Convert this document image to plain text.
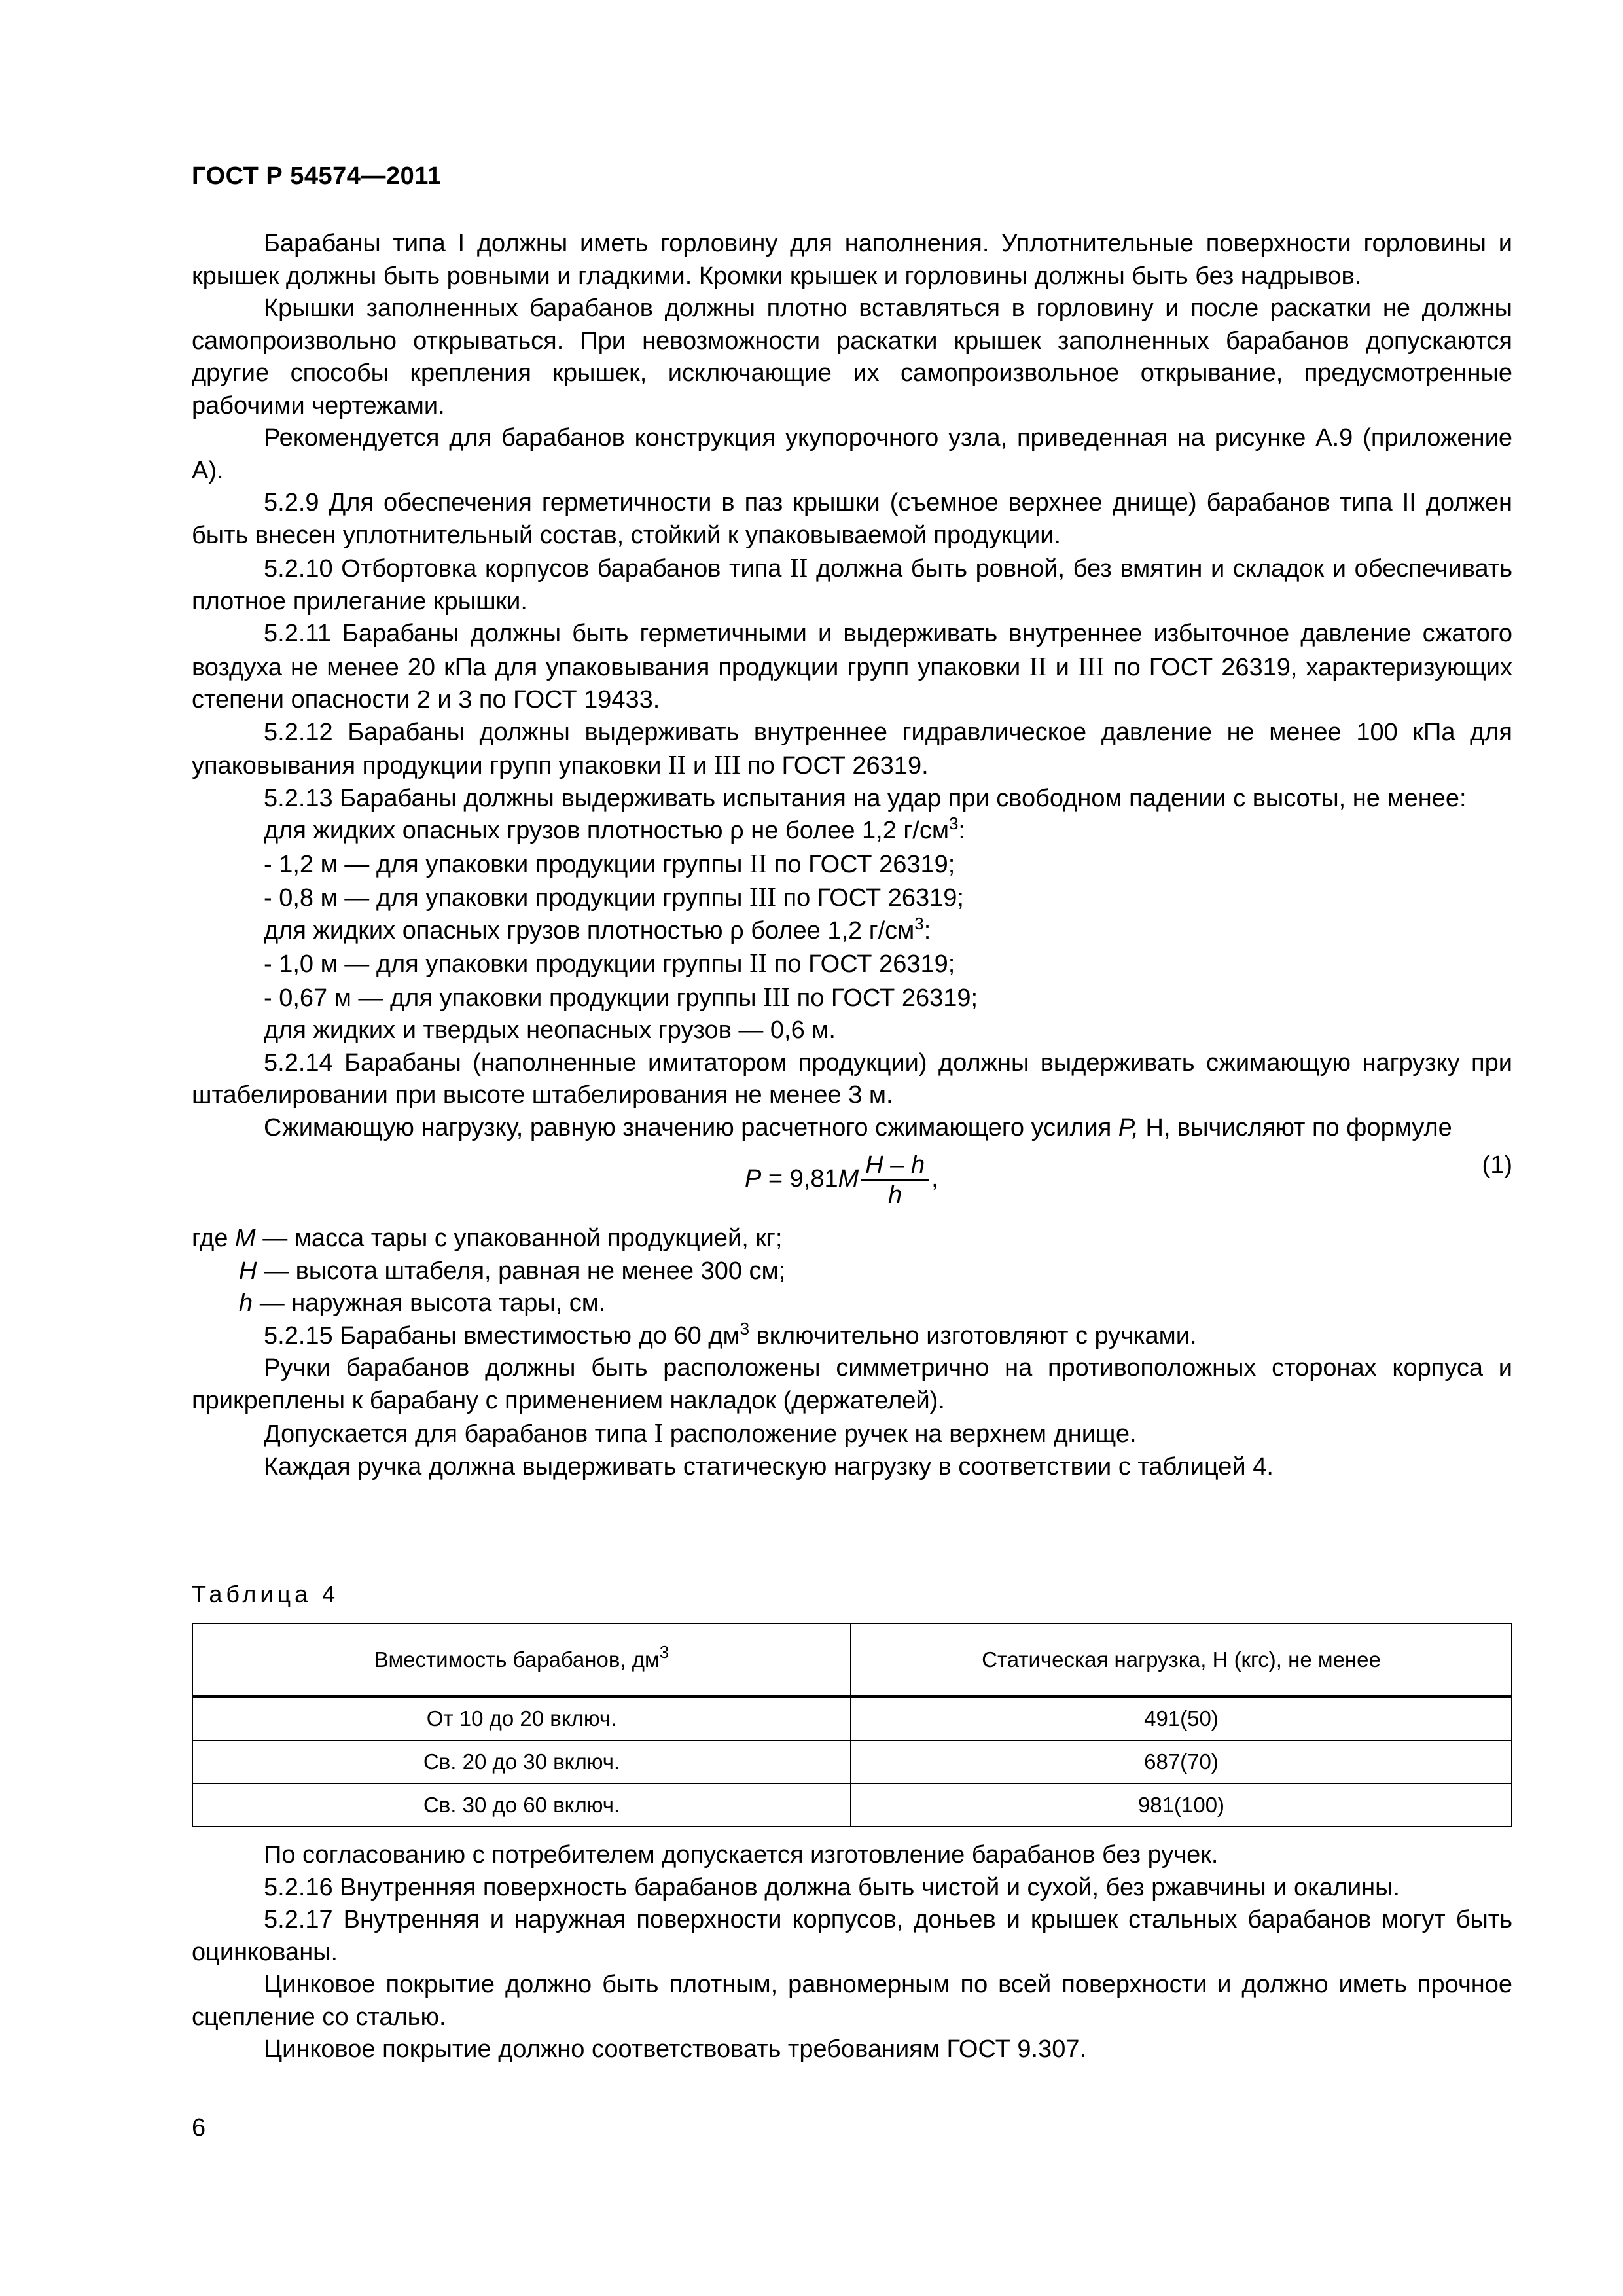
ГОСТ Р 54574—2011

Барабаны типа I должны иметь горловину для наполнения. Уплотнительные поверхности горловины и крышек должны быть ровными и гладкими. Кромки крышек и горловины должны быть без надрывов.

Крышки заполненных барабанов должны плотно вставляться в горловину и после раскатки не должны самопроизвольно открываться. При невозможности раскатки крышек заполненных барабанов допускаются другие способы крепления крышек, исключающие их самопроизвольное открывание, предусмотренные рабочими чертежами.

Рекомендуется для барабанов конструкция укупорочного узла, приведенная на рисунке А.9 (приложение А).

5.2.9 Для обеспечения герметичности в паз крышки (съемное верхнее днище) барабанов типа II должен быть внесен уплотнительный состав, стойкий к упаковываемой продукции.

5.2.10 Отбортовка корпусов барабанов типа II должна быть ровной, без вмятин и складок и обеспечивать плотное прилегание крышки.

5.2.11 Барабаны должны быть герметичными и выдерживать внутреннее избыточное давление сжатого воздуха не менее 20 кПа для упаковывания продукции групп упаковки II и III по ГОСТ 26319, характеризующих степени опасности 2 и 3 по ГОСТ 19433.

5.2.12 Барабаны должны выдерживать внутреннее гидравлическое давление не менее 100 кПа для упаковывания продукции групп упаковки II и III по ГОСТ 26319.

5.2.13 Барабаны должны выдерживать испытания на удар при свободном падении с высоты, не менее:

для жидких опасных грузов плотностью ρ не более 1,2 $г/см^3$:

- 1,2 м — для упаковки продукции группы II по ГОСТ 26319;

- 0,8 м — для упаковки продукции группы III по ГОСТ 26319;

для жидких опасных грузов плотностью ρ более 1,2 $г/см^3$:

- 1,0 м — для упаковки продукции группы II по ГОСТ 26319;

- 0,67 м — для упаковки продукции группы III по ГОСТ 26319;

для жидких и твердых неопасных грузов — 0,6 м.

5.2.14 Барабаны (наполненные имитатором продукции) должны выдерживать сжимающую нагрузку при штабелировании при высоте штабелирования не менее 3 м.

Сжимающую нагрузку, равную значению расчетного сжимающего усилия P, Н, вычисляют по формуле

$P = 9,81M \frac{H - h}{h}$ ,
(1)

где M — масса тары с упакованной продукцией, кг;

H — высота штабеля, равная не менее 300 см;

h — наружная высота тары, см.

5.2.15 Барабаны вместимостью до 60 $дм^3$ включительно изготовляют с ручками.

Ручки барабанов должны быть расположены симметрично на противоположных сторонах корпуса и прикреплены к барабану с применением накладок (держателей).

Допускается для барабанов типа I расположение ручек на верхнем днище.

Каждая ручка должна выдерживать статическую нагрузку в соответствии с таблицей 4.

Таблица 4
Вместимость барабанов, $дм^3$	Статическая нагрузка, Н (кгс), не менее
От 10 до 20 включ.	491(50)
Св. 20 до 30 включ.	687(70)
Св. 30 до 60 включ.	981(100)

По согласованию с потребителем допускается изготовление барабанов без ручек.

5.2.16 Внутренняя поверхность барабанов должна быть чистой и сухой, без ржавчины и окалины.

5.2.17 Внутренняя и наружная поверхности корпусов, доньев и крышек стальных барабанов могут быть оцинкованы.

Цинковое покрытие должно быть плотным, равномерным по всей поверхности и должно иметь прочное сцепление со сталью.

Цинковое покрытие должно соответствовать требованиям ГОСТ 9.307.

6
